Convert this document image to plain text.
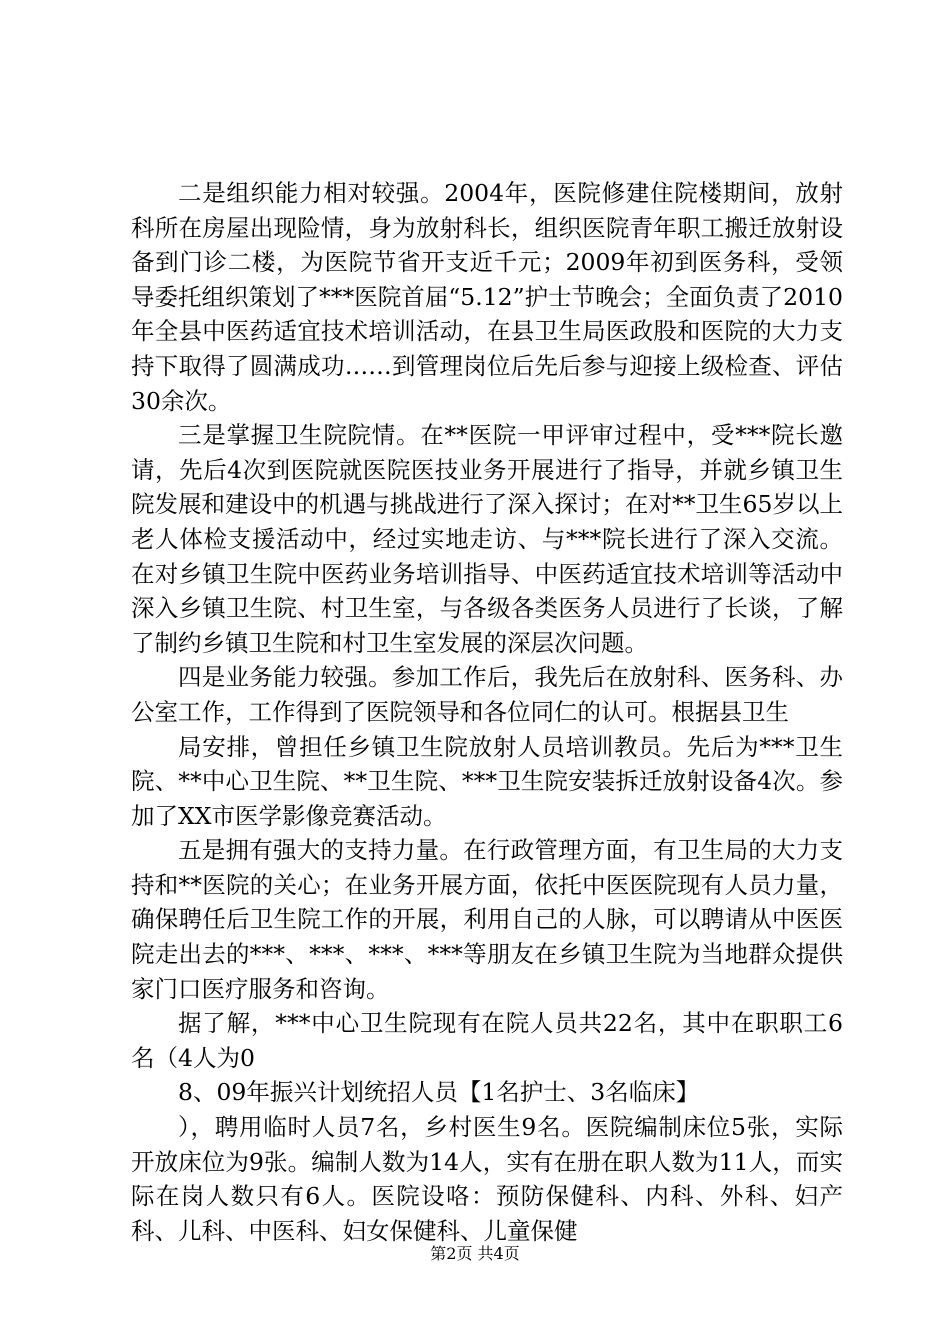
二是组织能力相对较强。2004年，医院修建住院楼期间，放射科所在房屋出现险情，身为放射科长，组织医院青年职工搬迁放射设备到门诊二楼，为医院节省开支近千元；2009年初到医务科，受领导委托组织策划了***医院首届“5.12”护士节晚会；全面负责了2010年全县中医药适宜技术培训活动，在县卫生局医政股和医院的大力支持下取得了圆满成功……到管理岗位后先后参与迎接上级检查、评估30余次。

三是掌握卫生院院情。在**医院一甲评审过程中，受***院长邀请，先后4次到医院就医院医技业务开展进行了指导，并就乡镇卫生院发展和建设中的机遇与挑战进行了深入探讨；在对**卫生65岁以上老人体检支援活动中，经过实地走访、与***院长进行了深入交流。在对乡镇卫生院中医药业务培训指导、中医药适宜技术培训等活动中深入乡镇卫生院、村卫生室，与各级各类医务人员进行了长谈，了解了制约乡镇卫生院和村卫生室发展的深层次问题。

四是业务能力较强。参加工作后，我先后在放射科、医务科、办公室工作，工作得到了医院领导和各位同仁的认可。根据县卫生

局安排，曾担任乡镇卫生院放射人员培训教员。先后为***卫生院、**中心卫生院、**卫生院、***卫生院安装拆迁放射设备4次。参加了XX市医学影像竞赛活动。

五是拥有强大的支持力量。在行政管理方面，有卫生局的大力支持和**医院的关心；在业务开展方面，依托中医医院现有人员力量，确保聘任后卫生院工作的开展，利用自己的人脉，可以聘请从中医医院走出去的***、***、***、***等朋友在乡镇卫生院为当地群众提供家门口医疗服务和咨询。

据了解，***中心卫生院现有在院人员共22名，其中在职职工6名（4人为0

8、09年振兴计划统招人员【1名护士、3名临床】

），聘用临时人员7名，乡村医生9名。医院编制床位5张，实际开放床位为9张。编制人数为14人，实有在册在职人数为11人，而实际在岗人数只有6人。医院设咯：预防保健科、内科、外科、妇产科、儿科、中医科、妇女保健科、儿童保健

第2页 共4页
